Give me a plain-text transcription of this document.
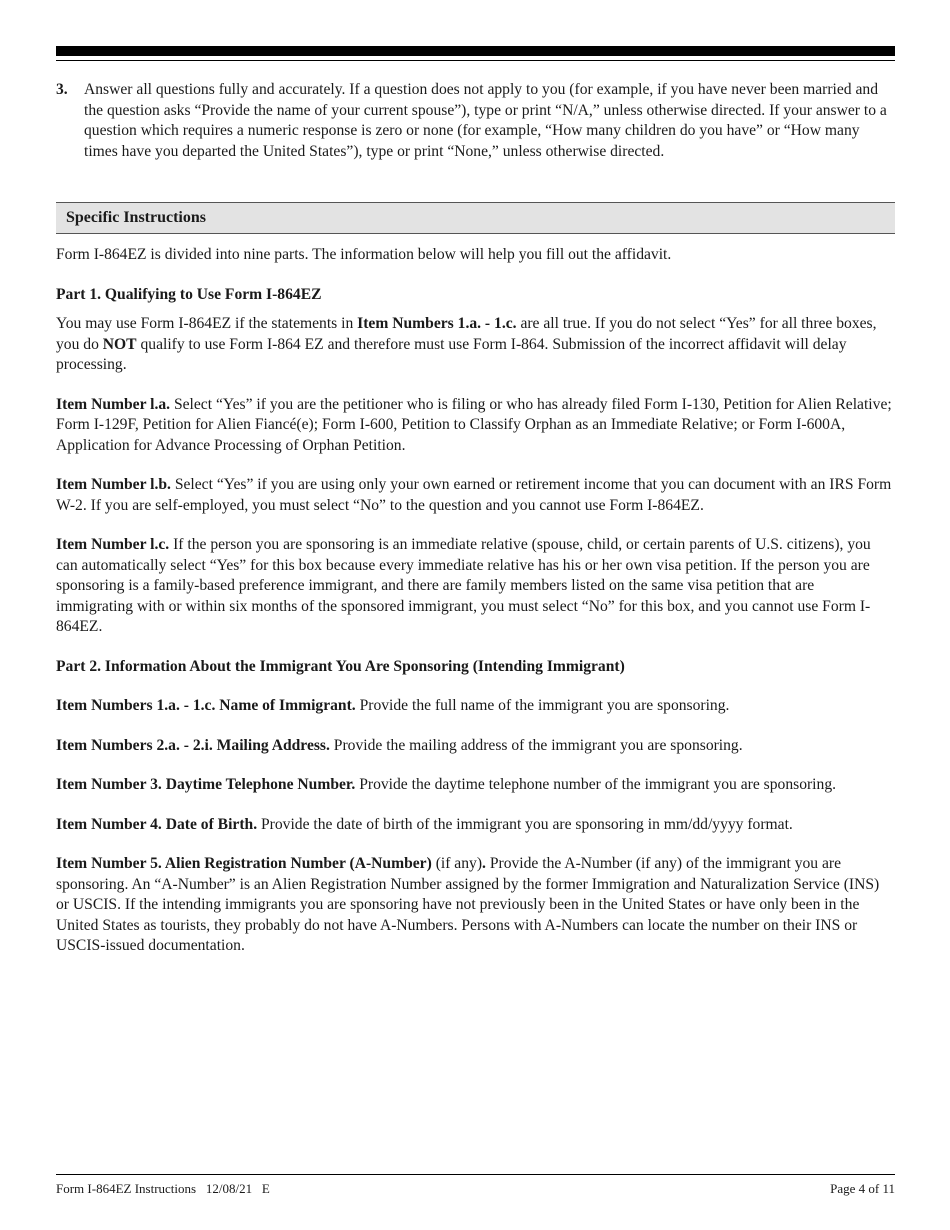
3.	Answer all questions fully and accurately. If a question does not apply to you (for example, if you have never been married and the question asks “Provide the name of your current spouse”), type or print “N/A,” unless otherwise directed. If your answer to a question which requires a numeric response is zero or none (for example, “How many children do you have” or “How many times have you departed the United States”), type or print “None,” unless otherwise directed.
Specific Instructions

Form I-864EZ is divided into nine parts. The information below will help you fill out the affidavit.

Part 1. Qualifying to Use Form I-864EZ

You may use Form I-864EZ if the statements in Item Numbers 1.a. - 1.c. are all true. If you do not select “Yes” for all three boxes, you do NOT qualify to use Form I-864 EZ and therefore must use Form I-864. Submission of the incorrect affidavit will delay processing.

Item Number l.a. Select “Yes” if you are the petitioner who is filing or who has already filed Form I-130, Petition for Alien Relative; Form I-129F, Petition for Alien Fiancé(e); Form I-600, Petition to Classify Orphan as an Immediate Relative; or Form I-600A, Application for Advance Processing of Orphan Petition.

Item Number l.b. Select “Yes” if you are using only your own earned or retirement income that you can document with an IRS Form W-2. If you are self-employed, you must select “No” to the question and you cannot use Form I-864EZ.

Item Number l.c. If the person you are sponsoring is an immediate relative (spouse, child, or certain parents of U.S. citizens), you can automatically select “Yes” for this box because every immediate relative has his or her own visa petition. If the person you are sponsoring is a family-based preference immigrant, and there are family members listed on the same visa petition that are immigrating with or within six months of the sponsored immigrant, you must select “No” for this box, and you cannot use Form I-864EZ.

Part 2. Information About the Immigrant You Are Sponsoring (Intending Immigrant)

Item Numbers 1.a. - 1.c. Name of Immigrant. Provide the full name of the immigrant you are sponsoring.

Item Numbers 2.a. - 2.i. Mailing Address. Provide the mailing address of the immigrant you are sponsoring.

Item Number 3. Daytime Telephone Number. Provide the daytime telephone number of the immigrant you are sponsoring.

Item Number 4. Date of Birth. Provide the date of birth of the immigrant you are sponsoring in mm/dd/yyyy format.

Item Number 5. Alien Registration Number (A-Number) (if any). Provide the A-Number (if any) of the immigrant you are sponsoring. An “A-Number” is an Alien Registration Number assigned by the former Immigration and Naturalization Service (INS) or USCIS. If the intending immigrants you are sponsoring have not previously been in the United States or have only been in the United States as tourists, they probably do not have A-Numbers. Persons with A-Numbers can locate the number on their INS or USCIS-issued documentation.

Form I-864EZ Instructions   12/08/21   E	Page 4 of 11
